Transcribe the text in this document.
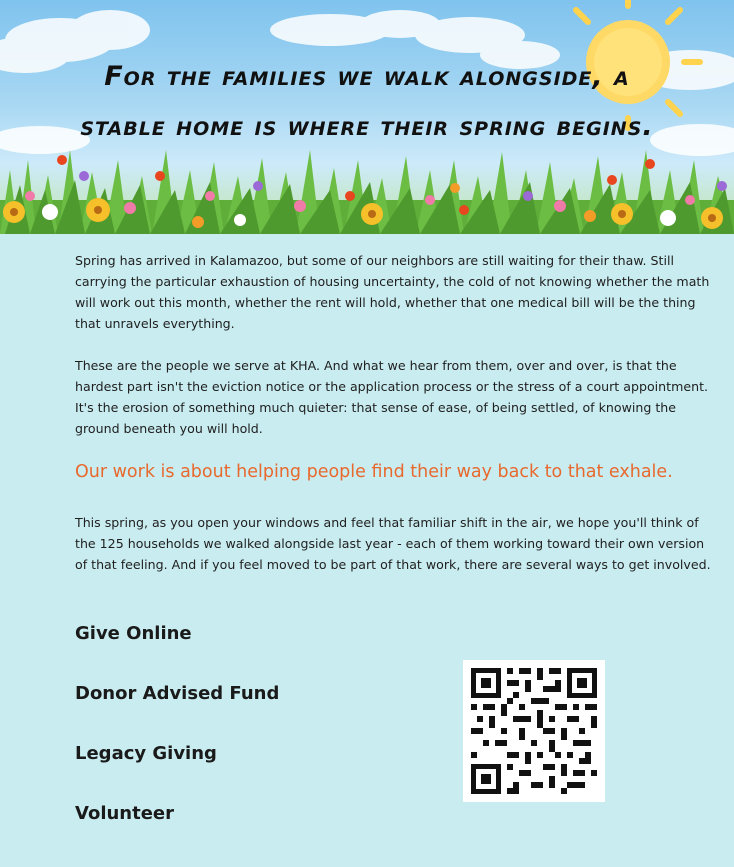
For the families we walk alongside, a
stable home is where their spring begins.

Spring has arrived in Kalamazoo, but some of our neighbors are still waiting for their thaw. Still carrying the particular exhaustion of housing uncertainty, the cold of not knowing whether the math will work out this month, whether the rent will hold, whether that one medical bill will be the thing that unravels everything.

These are the people we serve at KHA. And what we hear from them, over and over, is that the hardest part isn't the eviction notice or the application process or the stress of a court appointment. It's the erosion of something much quieter: that sense of ease, of being settled, of knowing the ground beneath you will hold.

Our work is about helping people find their way back to that exhale.

This spring, as you open your windows and feel that familiar shift in the air, we hope you'll think of the 125 households we walked alongside last year - each of them working toward their own version of that feeling. And if you feel moved to be part of that work, there are several ways to get involved.

Give Online
Donor Advised Fund
Legacy Giving
Volunteer
